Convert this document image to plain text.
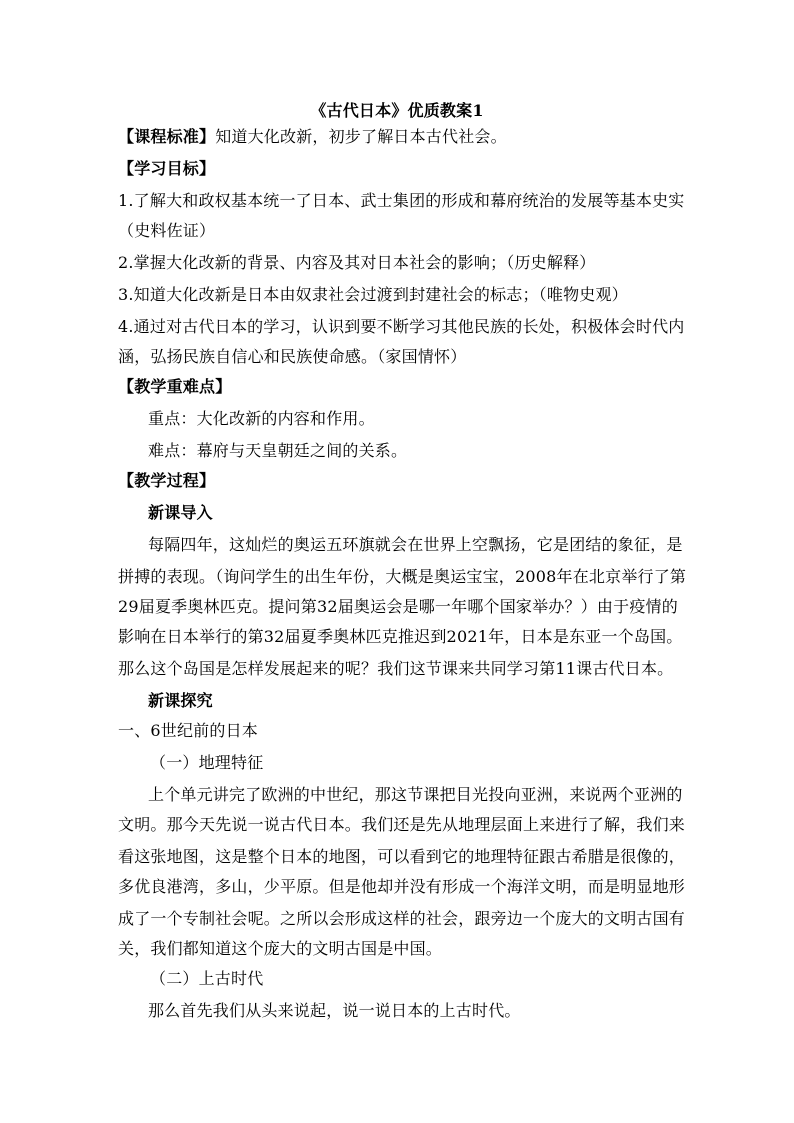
《古代日本》优质教案1
【课程标准】知道大化改新，初步了解日本古代社会。
【学习目标】
1.了解大和政权基本统一了日本、武士集团的形成和幕府统治的发展等基本史实
（史料佐证）
2.掌握大化改新的背景、内容及其对日本社会的影响；（历史解释）
3.知道大化改新是日本由奴隶社会过渡到封建社会的标志；（唯物史观）
4.通过对古代日本的学习，认识到要不断学习其他民族的长处，积极体会时代内
涵，弘扬民族自信心和民族使命感。（家国情怀）
【教学重难点】
重点：大化改新的内容和作用。
难点：幕府与天皇朝廷之间的关系。
【教学过程】
新课导入
每隔四年，这灿烂的奥运五环旗就会在世界上空飘扬，它是团结的象征，是
拼搏的表现。（询问学生的出生年份，大概是奥运宝宝，2008年在北京举行了第
29届夏季奥林匹克。提问第32届奥运会是哪一年哪个国家举办？）由于疫情的
影响在日本举行的第32届夏季奥林匹克推迟到2021年，日本是东亚一个岛国。
那么这个岛国是怎样发展起来的呢？我们这节课来共同学习第11课古代日本。
新课探究
一、6世纪前的日本
（一）地理特征
上个单元讲完了欧洲的中世纪，那这节课把目光投向亚洲，来说两个亚洲的
文明。那今天先说一说古代日本。我们还是先从地理层面上来进行了解，我们来
看这张地图，这是整个日本的地图，可以看到它的地理特征跟古希腊是很像的，
多优良港湾，多山，少平原。但是他却并没有形成一个海洋文明，而是明显地形
成了一个专制社会呢。之所以会形成这样的社会，跟旁边一个庞大的文明古国有
关，我们都知道这个庞大的文明古国是中国。
（二）上古时代
那么首先我们从头来说起，说一说日本的上古时代。
